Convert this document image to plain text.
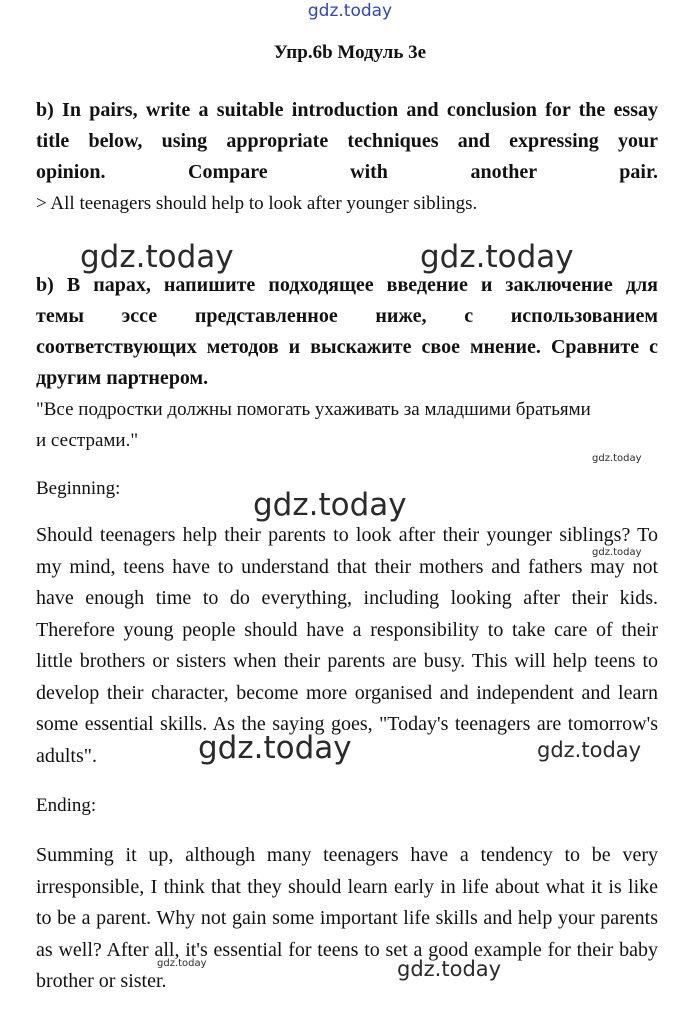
gdz.today
Упр.6b Модуль 3e
b) In pairs, write a suitable introduction and conclusion for the essay
title below, using appropriate techniques and expressing your
opinion. Compare with another pair.
> All teenagers should help to look after younger siblings.
b) В парах, напишите подходящее введение и заключение для
темы эссе представленное ниже, с использованием
соответствующих методов и выскажите свое мнение. Сравните с
другим партнером.
"Все подростки должны помогать ухаживать за младшими братьями
и сестрами."
Beginning:
Should teenagers help their parents to look after their younger siblings? To my mind, teens have to understand that their mothers and fathers may not have enough time to do everything, including looking after their kids. Therefore young people should have a responsibility to take care of their little brothers or sisters when their parents are busy. This will help teens to develop their character, become more organised and independent and learn some essential skills. As the saying goes, "Today's teenagers are tomorrow's adults".
Ending:
Summing it up, although many teenagers have a tendency to be very irresponsible, I think that they should learn early in life about what it is like to be a parent. Why not gain some important life skills and help your parents as well? After all, it's essential for teens to set a good example for their baby brother or sister.
gdz.today	gdz.today
gdz.today
gdz.today
gdz.today
gdz.today	gdz.today
gdz.today	gdz.today
